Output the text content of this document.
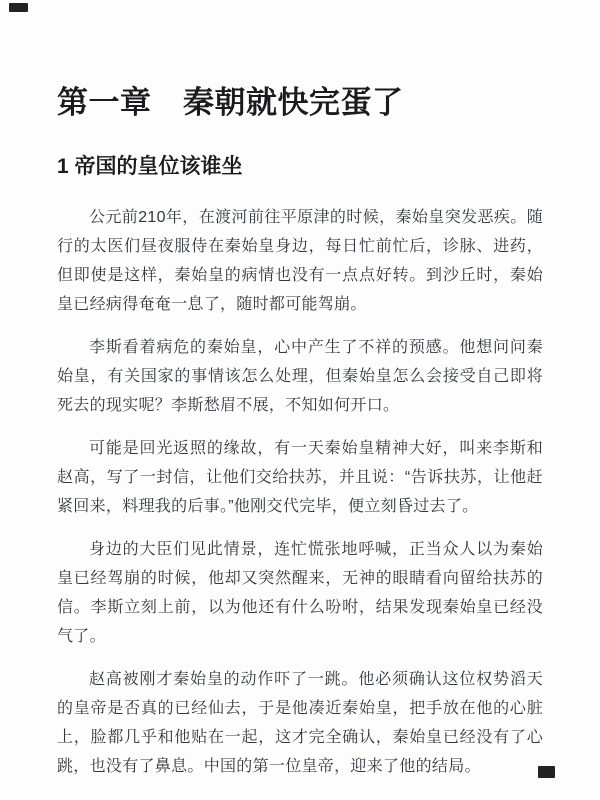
第一章　秦朝就快完蛋了
1 帝国的皇位该谁坐

公元前210年，在渡河前往平原津的时候，秦始皇突发恶疾。随行的太医们昼夜服侍在秦始皇身边，每日忙前忙后，诊脉、进药，但即使是这样，秦始皇的病情也没有一点点好转。到沙丘时，秦始皇已经病得奄奄一息了，随时都可能驾崩。

李斯看着病危的秦始皇，心中产生了不祥的预感。他想问问秦始皇，有关国家的事情该怎么处理，但秦始皇怎么会接受自己即将死去的现实呢？李斯愁眉不展，不知如何开口。

可能是回光返照的缘故，有一天秦始皇精神大好，叫来李斯和赵高，写了一封信，让他们交给扶苏，并且说：“告诉扶苏，让他赶紧回来，料理我的后事。”他刚交代完毕，便立刻昏过去了。

身边的大臣们见此情景，连忙慌张地呼喊，正当众人以为秦始皇已经驾崩的时候，他却又突然醒来，无神的眼睛看向留给扶苏的信。李斯立刻上前，以为他还有什么吩咐，结果发现秦始皇已经没气了。

赵高被刚才秦始皇的动作吓了一跳。他必须确认这位权势滔天的皇帝是否真的已经仙去，于是他凑近秦始皇，把手放在他的心脏上，脸都几乎和他贴在一起，这才完全确认，秦始皇已经没有了心跳，也没有了鼻息。中国的第一位皇帝，迎来了他的结局。
